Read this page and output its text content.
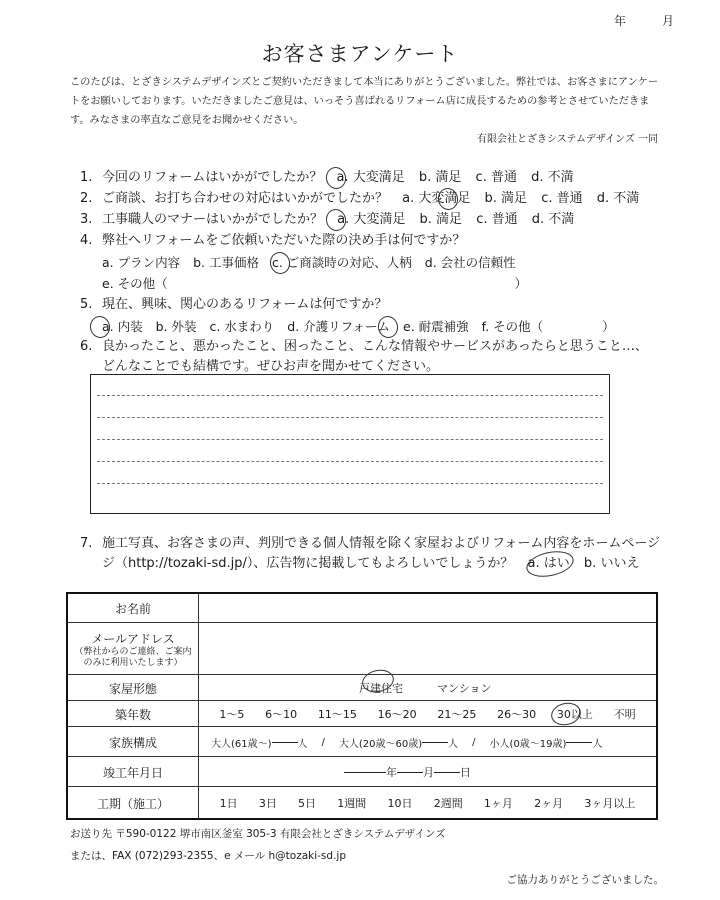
年	月
お客さまアンケート
このたびは、とざきシステムデザインズとご契約いただきまして本当にありがとうございました。弊社では、お客さまにアンケートをお願いしております。いただきましたご意見は、いっそう喜ばれるリフォーム店に成長するための参考とさせていただきます。みなさまの率直なご意見をお聞かせください。
有限会社とざきシステムデザインズ 一同
1. 今回のリフォームはいかがでしたか？ a. 大変満足 b. 満足 c. 普通 d. 不満
2. ご商談、お打ち合わせの対応はいかがでしたか？ a. 大変満足 b. 満足 c. 普通 d. 不満
3. 工事職人のマナーはいかがでしたか？ a. 大変満足 b. 満足 c. 普通 d. 不満
4. 弊社へリフォームをご依頼いただいた際の決め手は何ですか？
a. プラン内容 b. 工事価格 c. ご商談時の対応、人柄 d. 会社の信頼性
e. その他（	）
5. 現在、興味、関心のあるリフォームは何ですか？
a. 内装 b. 外装 c. 水まわり d. 介護リフォーム e. 耐震補強 f. その他（	）
6. 良かったこと、悪かったこと、困ったこと、こんな情報やサービスがあったらと思うこと…、
どんなことでも結構です。ぜひお声を聞かせてください。
7. 施工写真、お客さまの声、判別できる個人情報を除く家屋およびリフォーム内容をホームページ
ジ（http://tozaki-sd.jp/）、広告物に掲載してもよろしいでしょうか？ a. はい b. いいえ
お名前
メールアドレス
（弊社からのご連絡、ご案内のみに利用いたします）
家屋形態	戸建住宅	マンション
築年数	1～5 6～10 11～15 16～20 21～25 26～30 30以上 不明
家族構成	大人(61歳～)	人 / 大人(20歳～60歳)	人 / 小人(0歳～19歳)	人
竣工年月日	年 月 日
工期（施工）	1日 3日 5日 1週間 10日 2週間 1ヶ月 2ヶ月 3ヶ月以上
お送り先 〒590-0122 堺市南区釜室 305-3 有限会社とざきシステムデザインズ
または、FAX (072)293-2355、e メール h@tozaki-sd.jp
ご協力ありがとうございました。
